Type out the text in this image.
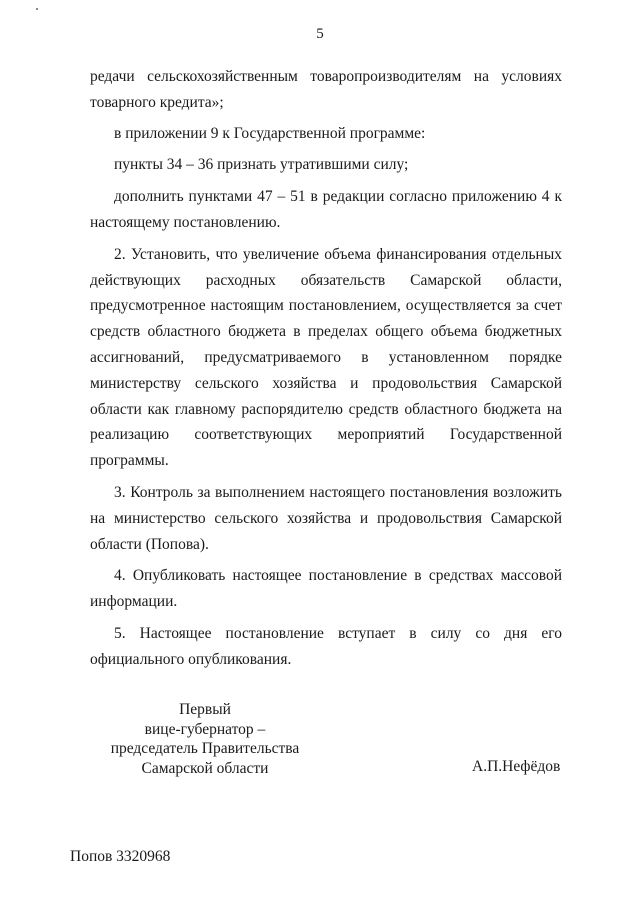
5

редачи сельскохозяйственным товаропроизводителям на условиях товарного кредита»;

в приложении 9 к Государственной программе:

пункты 34 – 36 признать утратившими силу;

дополнить пунктами 47 – 51 в редакции согласно приложению 4 к настоящему постановлению.

2. Установить, что увеличение объема финансирования отдельных действующих расходных обязательств Самарской области, предусмотренное настоящим постановлением, осуществляется за счет средств областного бюджета в пределах общего объема бюджетных ассигнований, предусматриваемого в установленном порядке министерству сельского хозяйства и продовольствия Самарской области как главному распорядителю средств областного бюджета на реализацию соответствующих мероприятий Государственной программы.

3. Контроль за выполнением настоящего постановления возложить на министерство сельского хозяйства и продовольствия Самарской области (Попова).

4. Опубликовать настоящее постановление в средствах массовой информации.

5. Настоящее постановление вступает в силу со дня его официального опубликования.

Первый
вице-губернатор –
председатель Правительства
Самарской области	А.П.Нефёдов
Попов 3320968
